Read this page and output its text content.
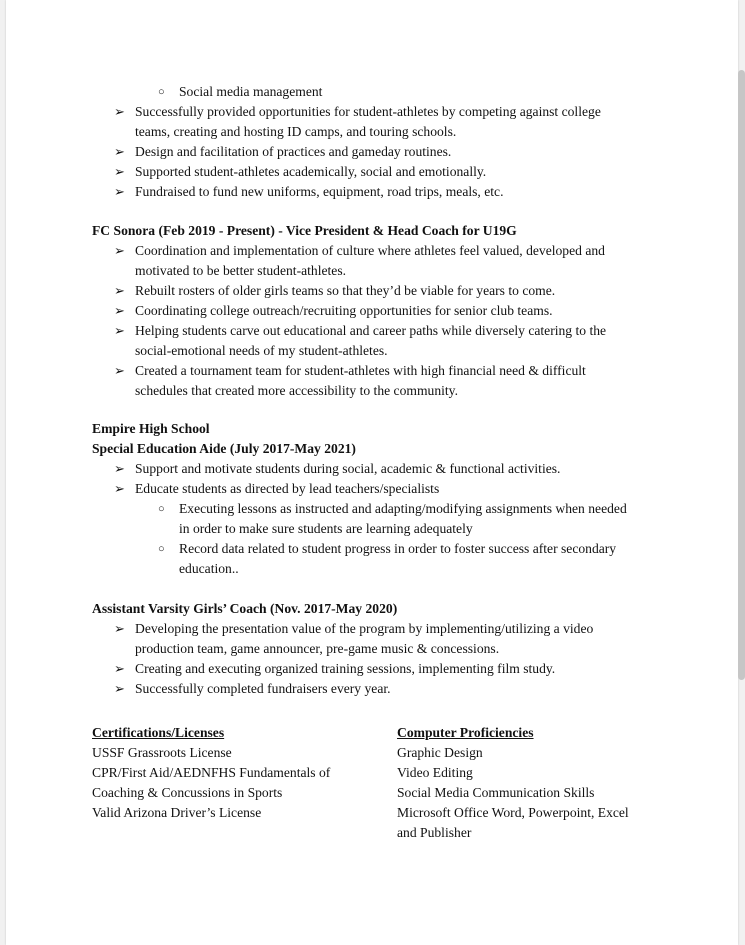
○ Social media management
➢ Successfully provided opportunities for student-athletes by competing against college
teams, creating and hosting ID camps, and touring schools.
➢ Design and facilitation of practices and gameday routines.
➢ Supported student-athletes academically, social and emotionally.
➢ Fundraised to fund new uniforms, equipment, road trips, meals, etc.
FC Sonora (Feb 2019 - Present) - Vice President & Head Coach for U19G
➢ Coordination and implementation of culture where athletes feel valued, developed and
motivated to be better student-athletes.
➢ Rebuilt rosters of older girls teams so that they’d be viable for years to come.
➢ Coordinating college outreach/recruiting opportunities for senior club teams.
➢ Helping students carve out educational and career paths while diversely catering to the
social-emotional needs of my student-athletes.
➢ Created a tournament team for student-athletes with high financial need & difficult
schedules that created more accessibility to the community.
Empire High School
Special Education Aide (July 2017-May 2021)
➢ Support and motivate students during social, academic & functional activities.
➢ Educate students as directed by lead teachers/specialists
○ Executing lessons as instructed and adapting/modifying assignments when needed
in order to make sure students are learning adequately
○ Record data related to student progress in order to foster success after secondary
education..
Assistant Varsity Girls’ Coach (Nov. 2017-May 2020)
➢ Developing the presentation value of the program by implementing/utilizing a video
production team, game announcer, pre-game music & concessions.
➢ Creating and executing organized training sessions, implementing film study.
➢ Successfully completed fundraisers every year.
Certifications/Licenses
USSF Grassroots License
CPR/First Aid/AEDNFHS Fundamentals of
Coaching & Concussions in Sports
Valid Arizona Driver’s License
Computer Proficiencies
Graphic Design
Video Editing
Social Media Communication Skills
Microsoft Office Word, Powerpoint, Excel
and Publisher
